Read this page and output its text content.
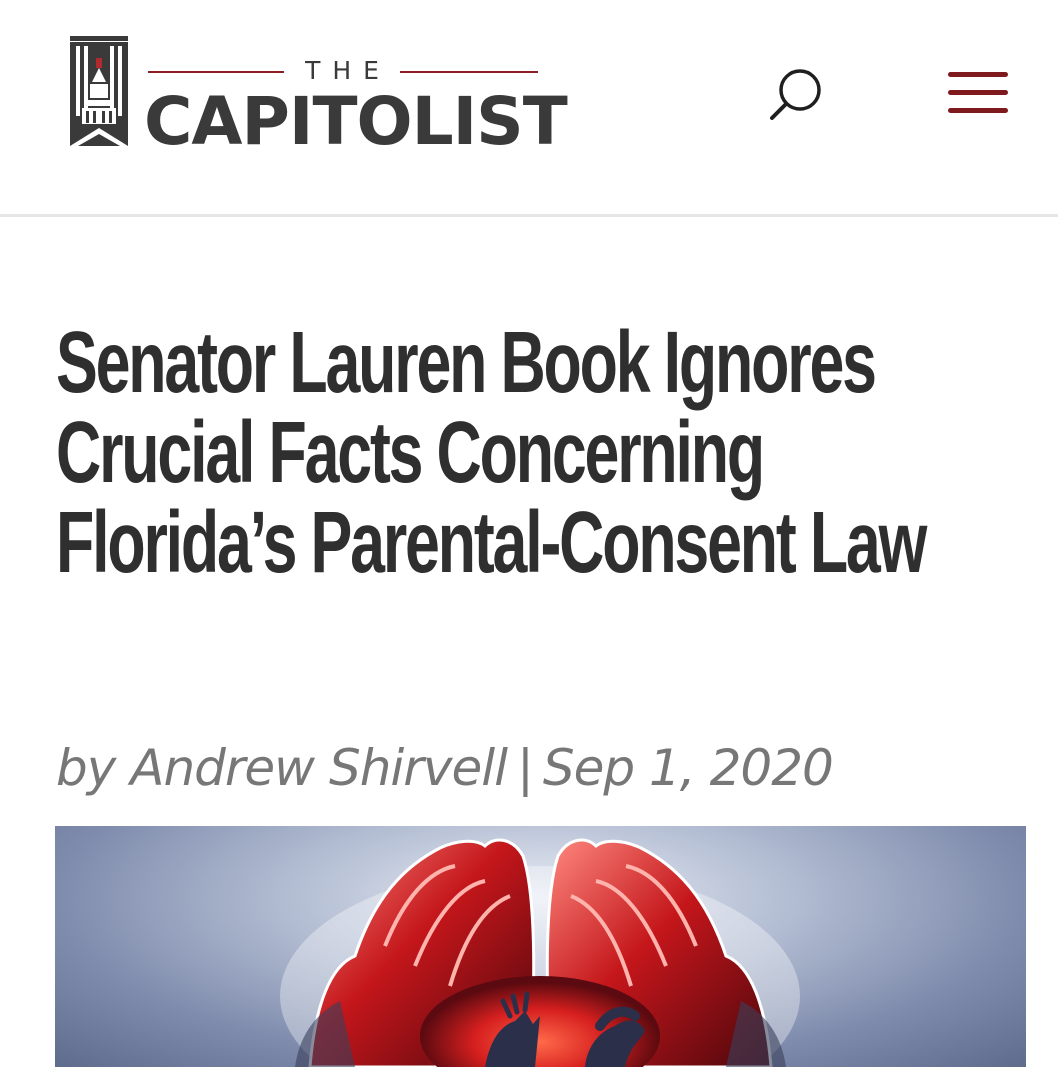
THE
CAPITOLIST
Senator Lauren Book Ignores Crucial Facts Concerning Florida’s Parental-Consent Law
by Andrew Shirvell | Sep 1, 2020
